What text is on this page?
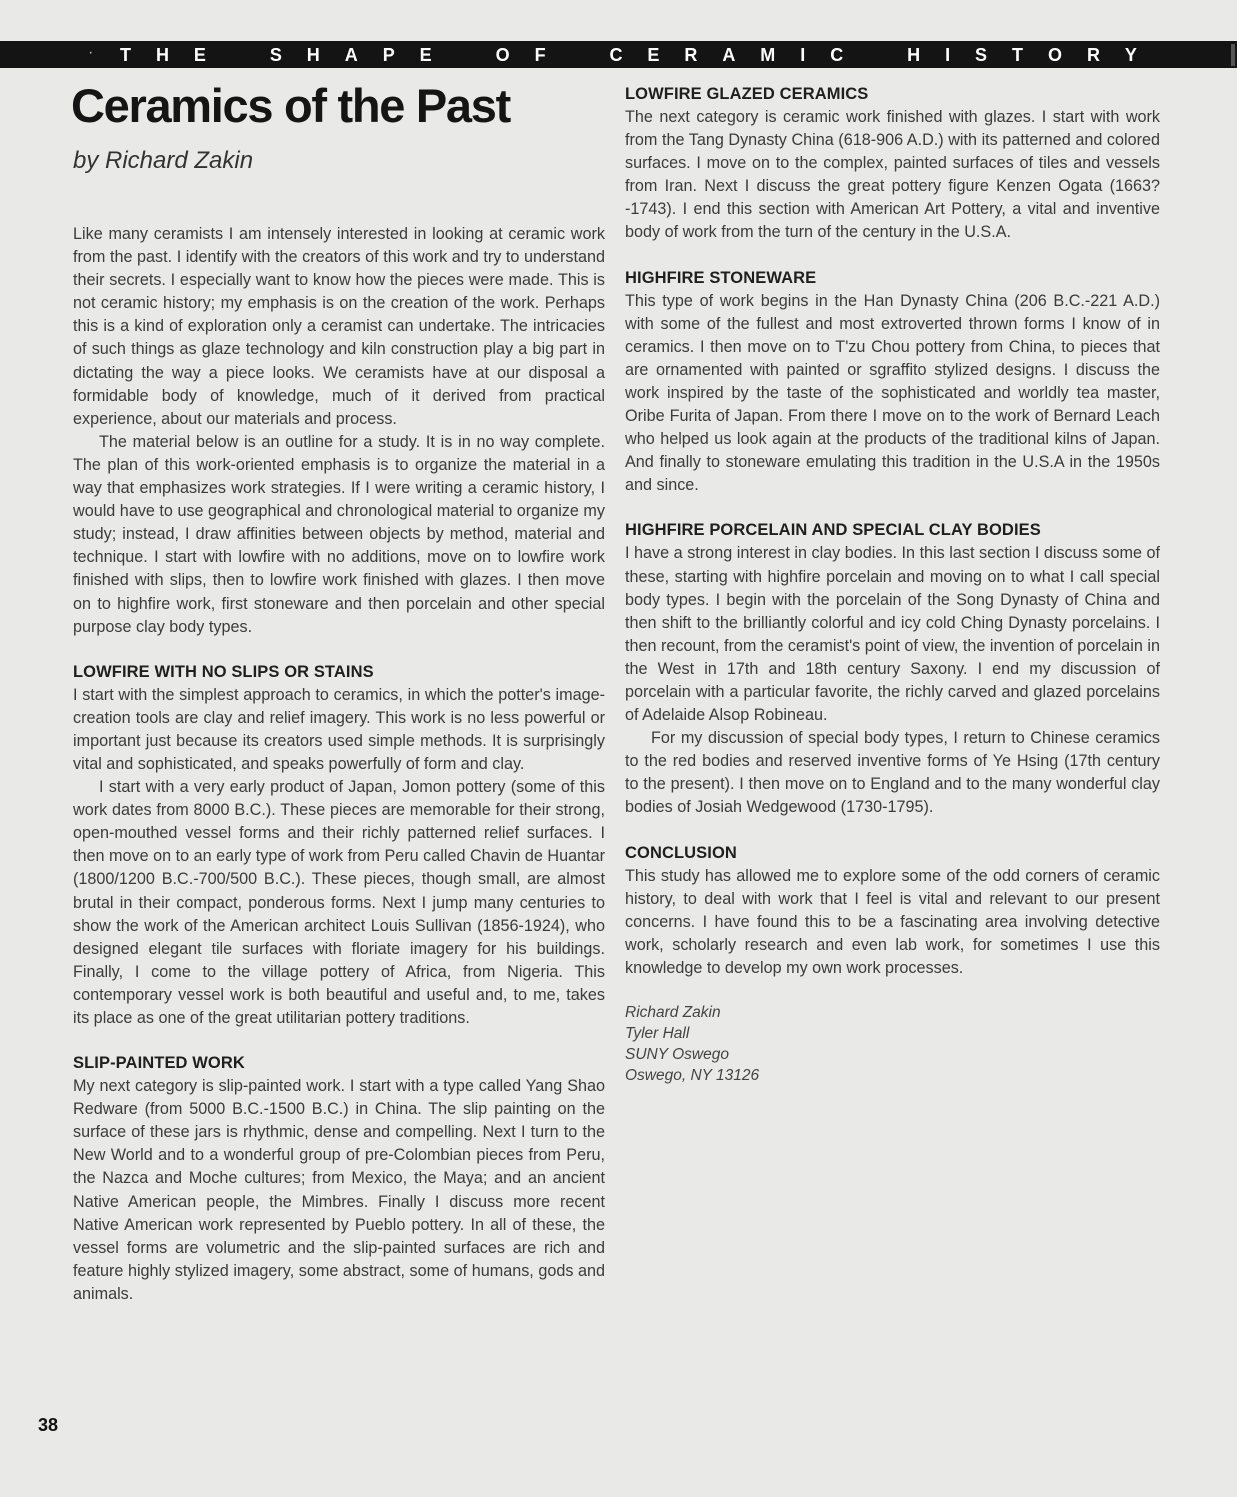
· T H E	S H A P E	O F	C E R A M I C	H I S T O R Y
Ceramics of the Past
by Richard Zakin

Like many ceramists I am intensely interested in looking at ceramic work from the past. I identify with the creators of this work and try to understand their secrets. I especially want to know how the pieces were made. This is not ceramic history; my emphasis is on the creation of the work. Perhaps this is a kind of exploration only a ceramist can undertake. The intricacies of such things as glaze technology and kiln construction play a big part in dictating the way a piece looks. We ceramists have at our disposal a formidable body of knowledge, much of it derived from practical experience, about our materials and process.

The material below is an outline for a study. It is in no way complete. The plan of this work-oriented emphasis is to organize the material in a way that emphasizes work strategies. If I were writing a ceramic history, I would have to use geographical and chronological material to organize my study; instead, I draw affinities between objects by method, material and technique. I start with lowfire with no additions, move on to lowfire work finished with slips, then to lowfire work finished with glazes. I then move on to highfire work, first stoneware and then porcelain and other special purpose clay body types.

LOWFIRE WITH NO SLIPS OR STAINS

I start with the simplest approach to ceramics, in which the potter's image-creation tools are clay and relief imagery. This work is no less powerful or important just because its creators used simple methods. It is surprisingly vital and sophisticated, and speaks powerfully of form and clay.

I start with a very early product of Japan, Jomon pottery (some of this work dates from 8000 B.C.). These pieces are memorable for their strong, open-mouthed vessel forms and their richly patterned relief surfaces. I then move on to an early type of work from Peru called Chavin de Huantar (1800/1200 B.C.-700/500 B.C.). These pieces, though small, are almost brutal in their compact, ponderous forms. Next I jump many centuries to show the work of the American architect Louis Sullivan (1856-1924), who designed elegant tile surfaces with floriate imagery for his buildings. Finally, I come to the village pottery of Africa, from Nigeria. This contemporary vessel work is both beautiful and useful and, to me, takes its place as one of the great utilitarian pottery traditions.

SLIP-PAINTED WORK

My next category is slip-painted work. I start with a type called Yang Shao Redware (from 5000 B.C.-1500 B.C.) in China. The slip painting on the surface of these jars is rhythmic, dense and compelling. Next I turn to the New World and to a wonderful group of pre-Colombian pieces from Peru, the Nazca and Moche cultures; from Mexico, the Maya; and an ancient Native American people, the Mimbres. Finally I discuss more recent Native American work represented by Pueblo pottery. In all of these, the vessel forms are volumetric and the slip-painted surfaces are rich and feature highly stylized imagery, some abstract, some of humans, gods and animals.

LOWFIRE GLAZED CERAMICS

The next category is ceramic work finished with glazes. I start with work from the Tang Dynasty China (618-906 A.D.) with its patterned and colored surfaces. I move on to the complex, painted surfaces of tiles and vessels from Iran. Next I discuss the great pottery figure Kenzen Ogata (1663?-1743). I end this section with American Art Pottery, a vital and inventive body of work from the turn of the century in the U.S.A.

HIGHFIRE STONEWARE

This type of work begins in the Han Dynasty China (206 B.C.-221 A.D.) with some of the fullest and most extroverted thrown forms I know of in ceramics. I then move on to T'zu Chou pottery from China, to pieces that are ornamented with painted or sgraffito stylized designs. I discuss the work inspired by the taste of the sophisticated and worldly tea master, Oribe Furita of Japan. From there I move on to the work of Bernard Leach who helped us look again at the products of the traditional kilns of Japan. And finally to stoneware emulating this tradition in the U.S.A in the 1950s and since.

HIGHFIRE PORCELAIN AND SPECIAL CLAY BODIES

I have a strong interest in clay bodies. In this last section I discuss some of these, starting with highfire porcelain and moving on to what I call special body types. I begin with the porcelain of the Song Dynasty of China and then shift to the brilliantly colorful and icy cold Ching Dynasty porcelains. I then recount, from the ceramist's point of view, the invention of porcelain in the West in 17th and 18th century Saxony. I end my discussion of porcelain with a particular favorite, the richly carved and glazed porcelains of Adelaide Alsop Robineau.

For my discussion of special body types, I return to Chinese ceramics to the red bodies and reserved inventive forms of Ye Hsing (17th century to the present). I then move on to England and to the many wonderful clay bodies of Josiah Wedgewood (1730-1795).

CONCLUSION

This study has allowed me to explore some of the odd corners of ceramic history, to deal with work that I feel is vital and relevant to our present concerns. I have found this to be a fascinating area involving detective work, scholarly research and even lab work, for sometimes I use this knowledge to develop my own work processes.

Richard Zakin
Tyler Hall
SUNY Oswego
Oswego, NY 13126
38
